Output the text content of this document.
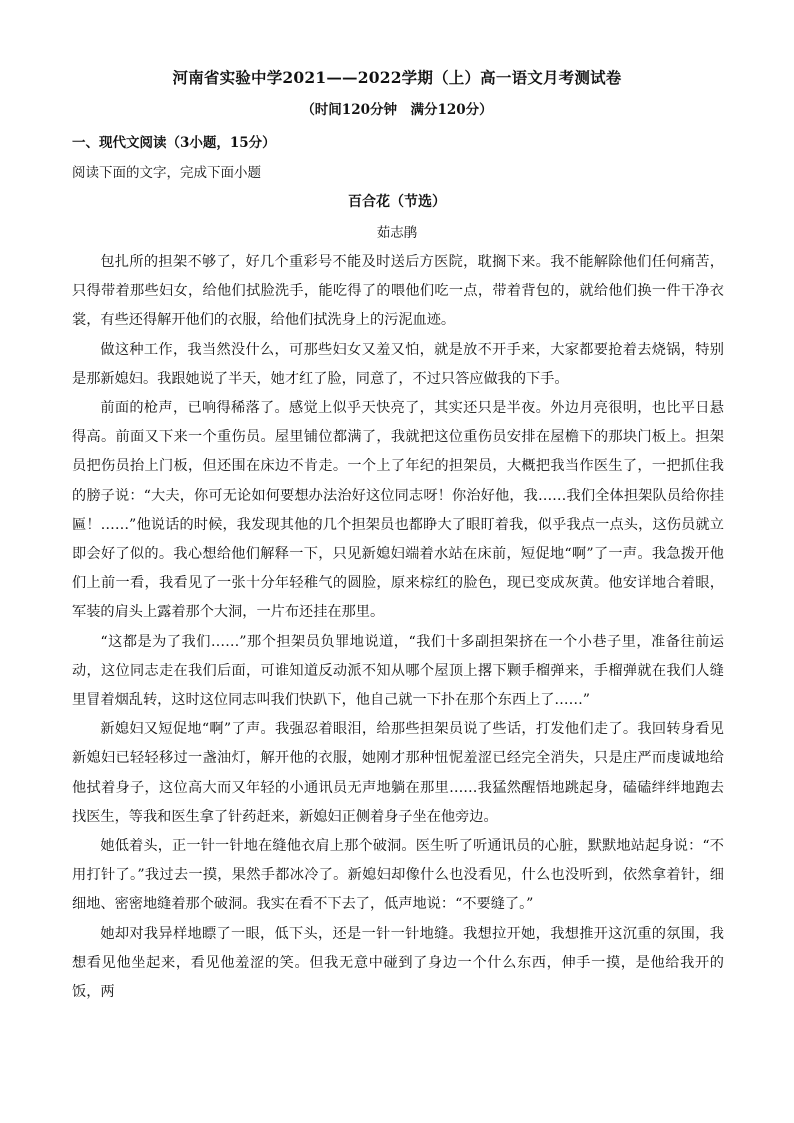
河南省实验中学2021——2022学期（上）高一语文月考测试卷
（时间120分钟　满分120分）
一、现代文阅读（3小题，15分）
阅读下面的文字，完成下面小题
百合花（节选）
茹志鹃

包扎所的担架不够了，好几个重彩号不能及时送后方医院，耽搁下来。我不能解除他们任何痛苦，只得带着那些妇女，给他们拭脸洗手，能吃得了的喂他们吃一点，带着背包的，就给他们换一件干净衣裳，有些还得解开他们的衣服，给他们拭洗身上的污泥血迹。

做这种工作，我当然没什么，可那些妇女又羞又怕，就是放不开手来，大家都要抢着去烧锅，特别是那新媳妇。我跟她说了半天，她才红了脸，同意了，不过只答应做我的下手。

前面的枪声，已响得稀落了。感觉上似乎天快亮了，其实还只是半夜。外边月亮很明，也比平日悬得高。前面又下来一个重伤员。屋里铺位都满了，我就把这位重伤员安排在屋檐下的那块门板上。担架员把伤员抬上门板，但还围在床边不肯走。一个上了年纪的担架员，大概把我当作医生了，一把抓住我的膀子说：“大夫，你可无论如何要想办法治好这位同志呀！你治好他，我……我们全体担架队员给你挂匾！……”他说话的时候，我发现其他的几个担架员也都睁大了眼盯着我，似乎我点一点头，这伤员就立即会好了似的。我心想给他们解释一下，只见新媳妇端着水站在床前，短促地“啊”了一声。我急拨开他们上前一看，我看见了一张十分年轻稚气的圆脸，原来棕红的脸色，现已变成灰黄。他安详地合着眼，军装的肩头上露着那个大洞，一片布还挂在那里。

“这都是为了我们……”那个担架员负罪地说道，“我们十多副担架挤在一个小巷子里，准备往前运动，这位同志走在我们后面，可谁知道反动派不知从哪个屋顶上撂下颗手榴弹来，手榴弹就在我们人缝里冒着烟乱转，这时这位同志叫我们快趴下，他自己就一下扑在那个东西上了……”

新媳妇又短促地“啊”了声。我强忍着眼泪，给那些担架员说了些话，打发他们走了。我回转身看见新媳妇已轻轻移过一盏油灯，解开他的衣服，她刚才那种忸怩羞涩已经完全消失，只是庄严而虔诚地给他拭着身子，这位高大而又年轻的小通讯员无声地躺在那里……我猛然醒悟地跳起身，磕磕绊绊地跑去找医生，等我和医生拿了针药赶来，新媳妇正侧着身子坐在他旁边。

她低着头，正一针一针地在缝他衣肩上那个破洞。医生听了听通讯员的心脏，默默地站起身说：“不用打针了。”我过去一摸，果然手都冰冷了。新媳妇却像什么也没看见，什么也没听到，依然拿着针，细细地、密密地缝着那个破洞。我实在看不下去了，低声地说：“不要缝了。”

她却对我异样地瞟了一眼，低下头，还是一针一针地缝。我想拉开她，我想推开这沉重的氛围，我想看见他坐起来，看见他羞涩的笑。但我无意中碰到了身边一个什么东西，伸手一摸，是他给我开的饭，两
